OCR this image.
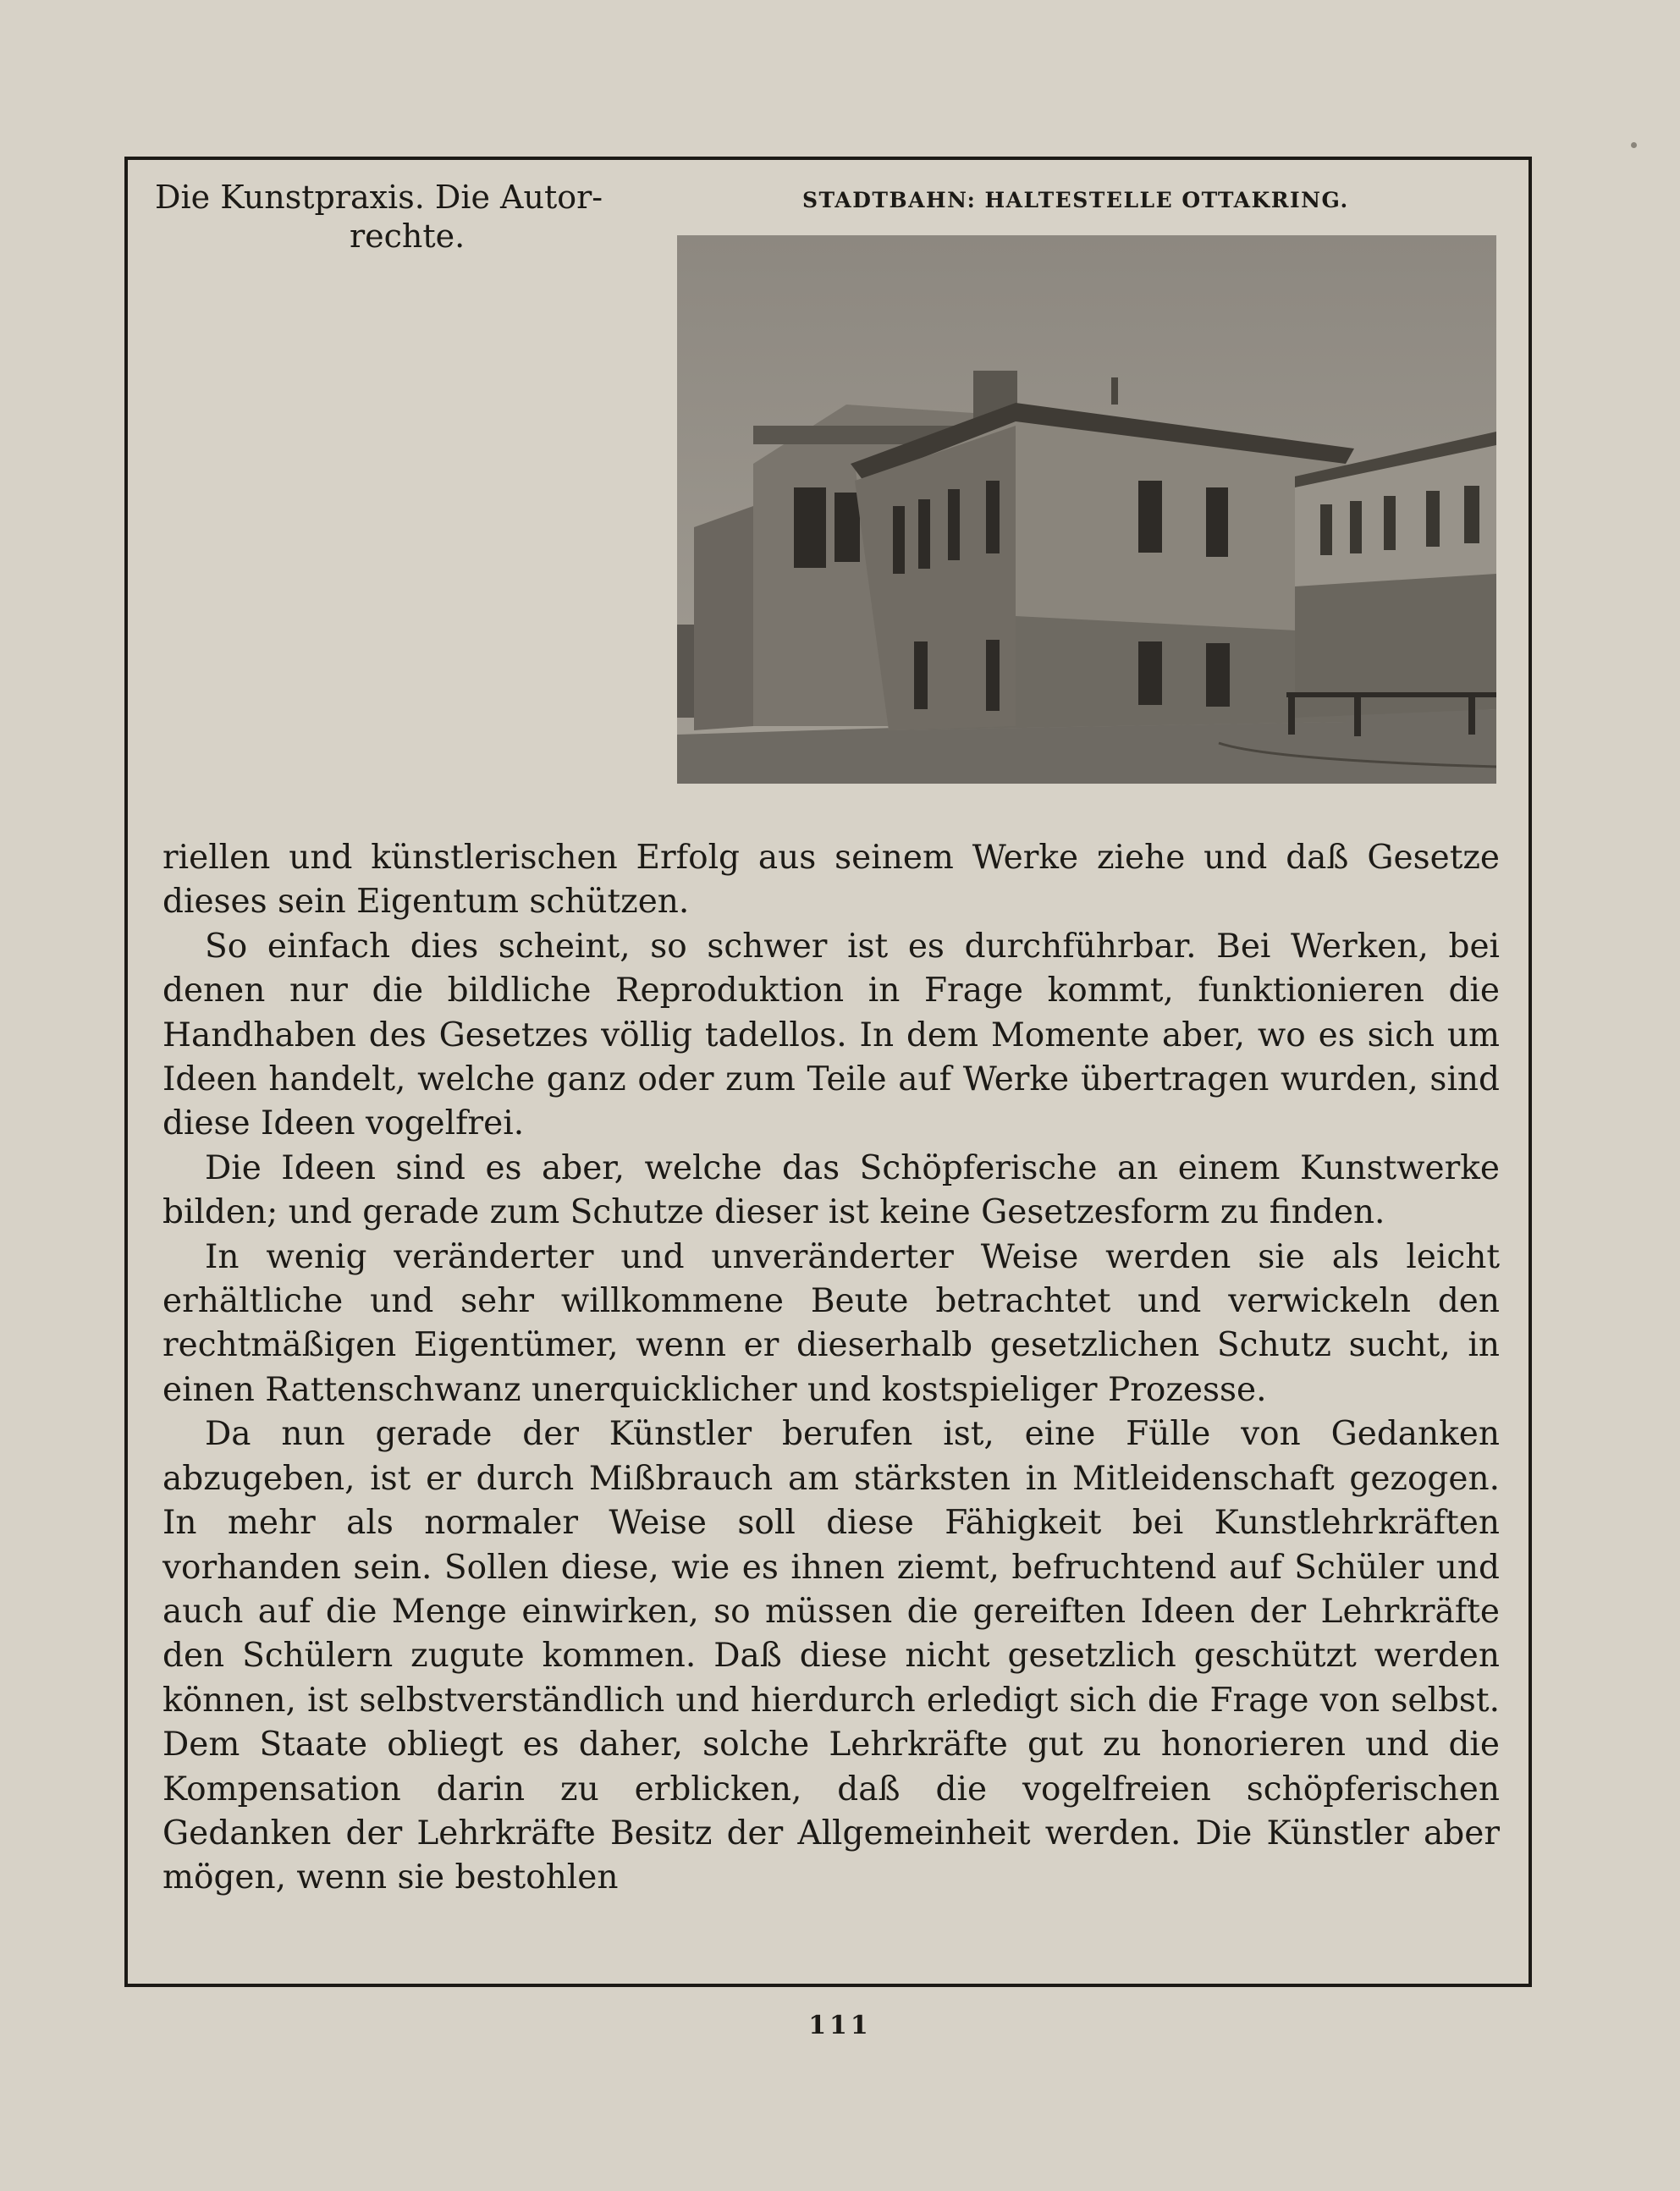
Die Kunstpraxis. Die Autor-
rechte.
STADTBAHN: HALTESTELLE OTTAKRING.

riellen und künstlerischen Erfolg aus seinem Werke ziehe und daß Gesetze dieses sein Eigentum schützen.

So einfach dies scheint, so schwer ist es durchführbar. Bei Werken, bei denen nur die bildliche Reproduktion in Frage kommt, funktionieren die Handhaben des Gesetzes völlig tadellos. In dem Momente aber, wo es sich um Ideen handelt, welche ganz oder zum Teile auf Werke übertragen wurden, sind diese Ideen vogelfrei.

Die Ideen sind es aber, welche das Schöpferische an einem Kunstwerke bilden; und gerade zum Schutze dieser ist keine Gesetzesform zu finden.

In wenig veränderter und unveränderter Weise werden sie als leicht erhältliche und sehr willkommene Beute betrachtet und verwickeln den rechtmäßigen Eigentümer, wenn er dieserhalb gesetzlichen Schutz sucht, in einen Rattenschwanz unerquicklicher und kostspieliger Prozesse.

Da nun gerade der Künstler berufen ist, eine Fülle von Gedanken abzugeben, ist er durch Mißbrauch am stärksten in Mitleidenschaft gezogen. In mehr als normaler Weise soll diese Fähigkeit bei Kunstlehrkräften vorhanden sein. Sollen diese, wie es ihnen ziemt, befruchtend auf Schüler und auch auf die Menge einwirken, so müssen die gereiften Ideen der Lehrkräfte den Schülern zugute kommen. Daß diese nicht gesetzlich geschützt werden können, ist selbstverständlich und hierdurch erledigt sich die Frage von selbst. Dem Staate obliegt es daher, solche Lehrkräfte gut zu honorieren und die Kompensation darin zu erblicken, daß die vogelfreien schöpferischen Gedanken der Lehrkräfte Besitz der Allgemeinheit werden. Die Künstler aber mögen, wenn sie bestohlen

111
